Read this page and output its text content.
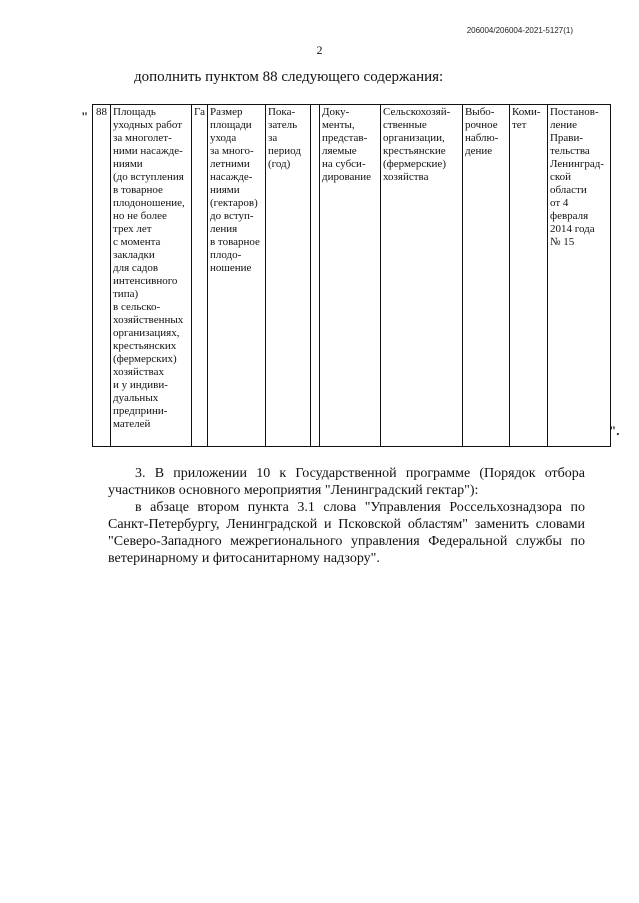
206004/206004-2021-5127(1)
2
дополнить пунктом 88 следующего содержания:
" 88	Площадь
уходных работ
за многолет-
ними насажде-
ниями
(до вступления
в товарное
плодоношение,
но не более
трех лет
с момента
закладки
для садов
интенсивного
типа)
в сельско-
хозяйственных
организациях,
крестьянских
(фермерских)
хозяйствах
и у индиви-
дуальных
предприни-
мателей	Га	Размер
площади
ухода
за много-
летними
насажде-
ниями
(гектаров)
до вступ-
ления
в товарное
плодо-
ношение	Пока-
затель
за
период
(год)		Доку-
менты,
представ-
ляемые
на субси-
дирование	Сельскохозяй-
ственные
организации,
крестьянские
(фермерские)
хозяйства	Выбо-
рочное
наблю-
дение	Коми-
тет	Постанов-
ление
Прави-
тельства
Ленинград-
ской
области
от 4
февраля
2014 года
№ 15
".
3. В приложении 10 к Государственной программе (Порядок отбора участников основного мероприятия "Ленинградский гектар"):
в абзаце втором пункта 3.1 слова "Управления Россельхознадзора по Санкт-Петербургу, Ленинградской и Псковской областям" заменить словами "Северо-Западного межрегионального управления Федеральной службы по ветеринарному и фитосанитарному надзору".
